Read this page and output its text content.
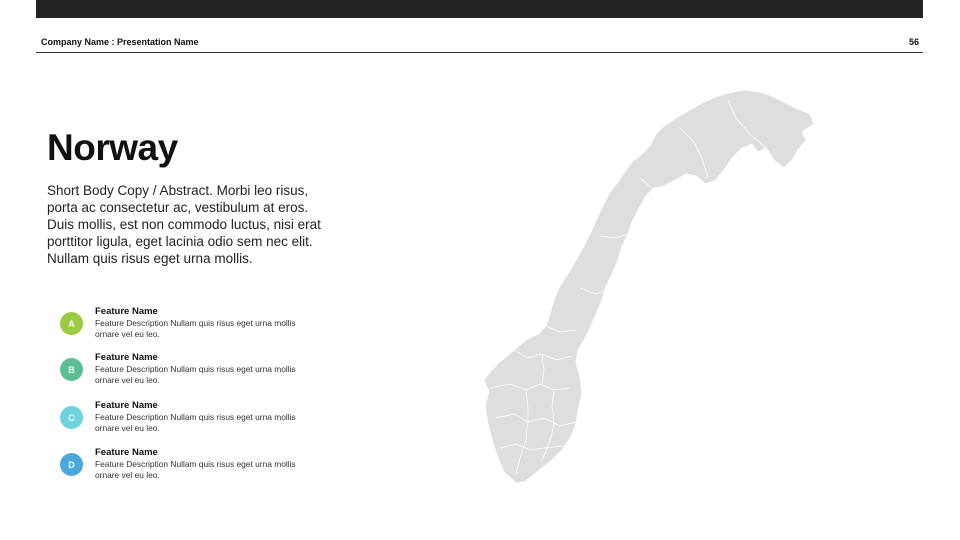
Company Name : Presentation Name	56
Norway

Short Body Copy / Abstract. Morbi leo risus, porta ac consectetur ac, vestibulum at eros. Duis mollis, est non commodo luctus, nisi erat porttitor ligula, eget lacinia odio sem nec elit. Nullam quis risus eget urna mollis.

A
Feature Name
Feature Description Nullam quis risus eget urna mollis ornare vel eu leo.
B
Feature Name
Feature Description Nullam quis risus eget urna mollis ornare vel eu leo.
C
Feature Name
Feature Description Nullam quis risus eget urna mollis ornare vel eu leo.
D
Feature Name
Feature Description Nullam quis risus eget urna mollis ornare vel eu leo.
